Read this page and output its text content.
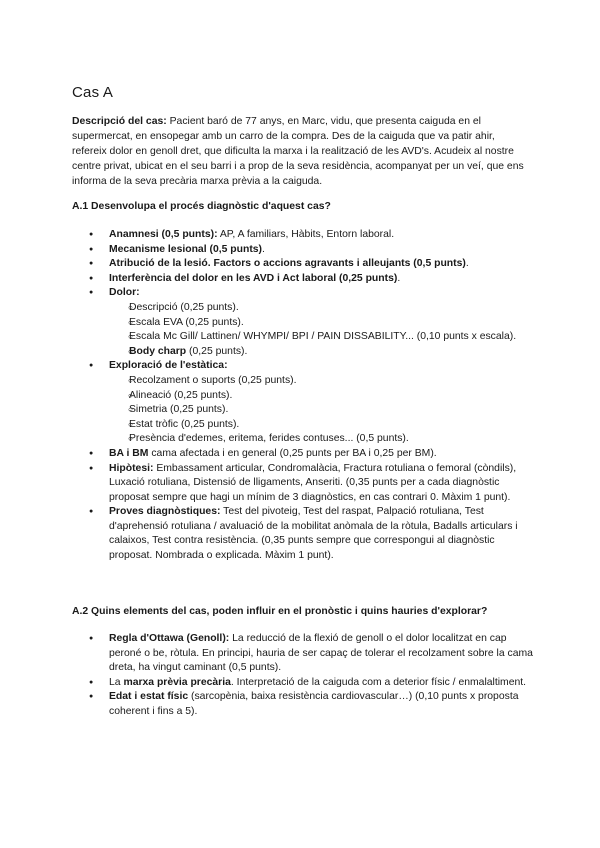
Cas A

Descripció del cas: Pacient baró de 77 anys, en Marc, vidu, que presenta caiguda en el supermercat, en ensopegar amb un carro de la compra. Des de la caiguda que va patir ahir, refereix dolor en genoll dret, que dificulta la marxa i la realització de les AVD's. Acudeix al nostre centre privat, ubicat en el seu barri i a prop de la seva residència, acompanyat per un veí, que ens informa de la seva precària marxa prèvia a la caiguda.

A.1 Desenvolupa el procés diagnòstic d'aquest cas?

● Anamnesi (0,5 punts): AP, A familiars, Hàbits, Entorn laboral.
● Mecanisme lesional (0,5 punts).
● Atribució de la lesió. Factors o accions agravants i alleujants (0,5 punts).
● Interferència del dolor en les AVD i Act laboral (0,25 punts).
● Dolor:
○ Descripció (0,25 punts).
○ Escala EVA (0,25 punts).
○ Escala Mc Gill/ Lattinen/ WHYMPI/ BPI / PAIN DISSABILITY... (0,10 punts x escala).
○ Body charp (0,25 punts).
● Exploració de l'estàtica:
○ Recolzament o suports (0,25 punts).
○ Alineació (0,25 punts).
○ Simetria (0,25 punts).
○ Estat tròfic (0,25 punts).
○ Presència d'edemes, eritema, ferides contuses... (0,5 punts).
● BA i BM cama afectada i en general (0,25 punts per BA i 0,25 per BM).
● Hipòtesi: Embassament articular, Condromalàcia, Fractura rotuliana o femoral (còndils), Luxació rotuliana, Distensió de lligaments, Anseriti. (0,35 punts per a cada diagnòstic proposat sempre que hagi un mínim de 3 diagnòstics, en cas contrari 0. Màxim 1 punt).
● Proves diagnòstiques: Test del pivoteig, Test del raspat, Palpació rotuliana, Test d'aprehensió rotuliana / avaluació de la mobilitat anòmala de la ròtula, Badalls articulars i calaixos, Test contra resistència. (0,35 punts sempre que correspongui al diagnòstic proposat. Nombrada o explicada. Màxim 1 punt).

A.2 Quins elements del cas, poden influir en el pronòstic i quins hauries d'explorar?

● Regla d'Ottawa (Genoll): La reducció de la flexió de genoll o el dolor localitzat en cap peroné o be, ròtula. En principi, hauria de ser capaç de tolerar el recolzament sobre la cama dreta, ha vingut caminant (0,5 punts).
● La marxa prèvia precària. Interpretació de la caiguda com a deterior físic / enmalaltiment.
● Edat i estat físic (sarcopènia, baixa resistència cardiovascular…) (0,10 punts x proposta coherent i fins a 5).
